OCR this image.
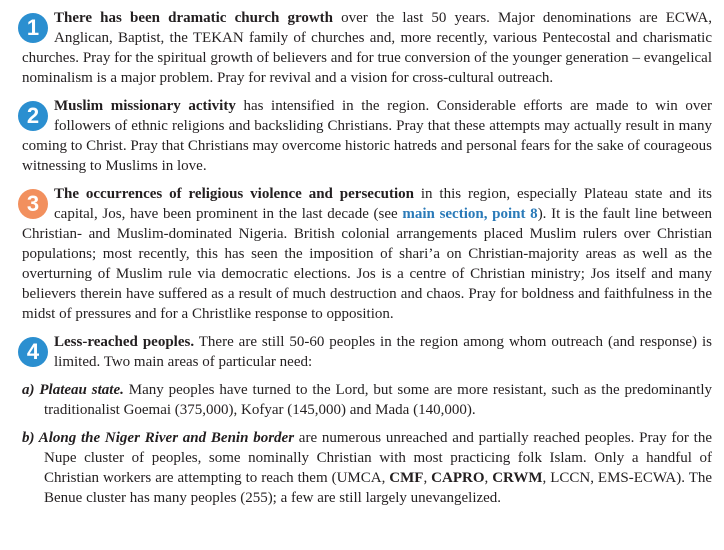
1 There has been dramatic church growth over the last 50 years. Major denominations are ECWA, Anglican, Baptist, the TEKAN family of churches and, more recently, various Pentecostal and charismatic churches. Pray for the spiritual growth of believers and for true conversion of the younger generation – evangelical nominalism is a major problem. Pray for revival and a vision for cross-cultural outreach.
2 Muslim missionary activity has intensified in the region. Considerable efforts are made to win over followers of ethnic religions and backsliding Christians. Pray that these attempts may actually result in many coming to Christ. Pray that Christians may overcome historic hatreds and personal fears for the sake of courageous witnessing to Muslims in love.
3 The occurrences of religious violence and persecution in this region, especially Plateau state and its capital, Jos, have been prominent in the last decade (see main section, point 8). It is the fault line between Christian- and Muslim-dominated Nigeria. British colonial arrangements placed Muslim rulers over Christian populations; most recently, this has seen the imposition of shari’a on Christian-majority areas as well as the overturning of Muslim rule via democratic elections. Jos is a centre of Christian ministry; Jos itself and many believers therein have suffered as a result of much destruction and chaos. Pray for boldness and faithfulness in the midst of pressures and for a Christlike response to opposition.
4 Less-reached peoples. There are still 50-60 peoples in the region among whom outreach (and response) is limited. Two main areas of particular need:
a) Plateau state. Many peoples have turned to the Lord, but some are more resistant, such as the predominantly traditionalist Goemai (375,000), Kofyar (145,000) and Mada (140,000).
b) Along the Niger River and Benin border are numerous unreached and partially reached peoples. Pray for the Nupe cluster of peoples, some nominally Christian with most practicing folk Islam. Only a handful of Christian workers are attempting to reach them (UMCA, CMF, CAPRO, CRWM, LCCN, EMS-ECWA). The Benue cluster has many peoples (255); a few are still largely unevangelized.
